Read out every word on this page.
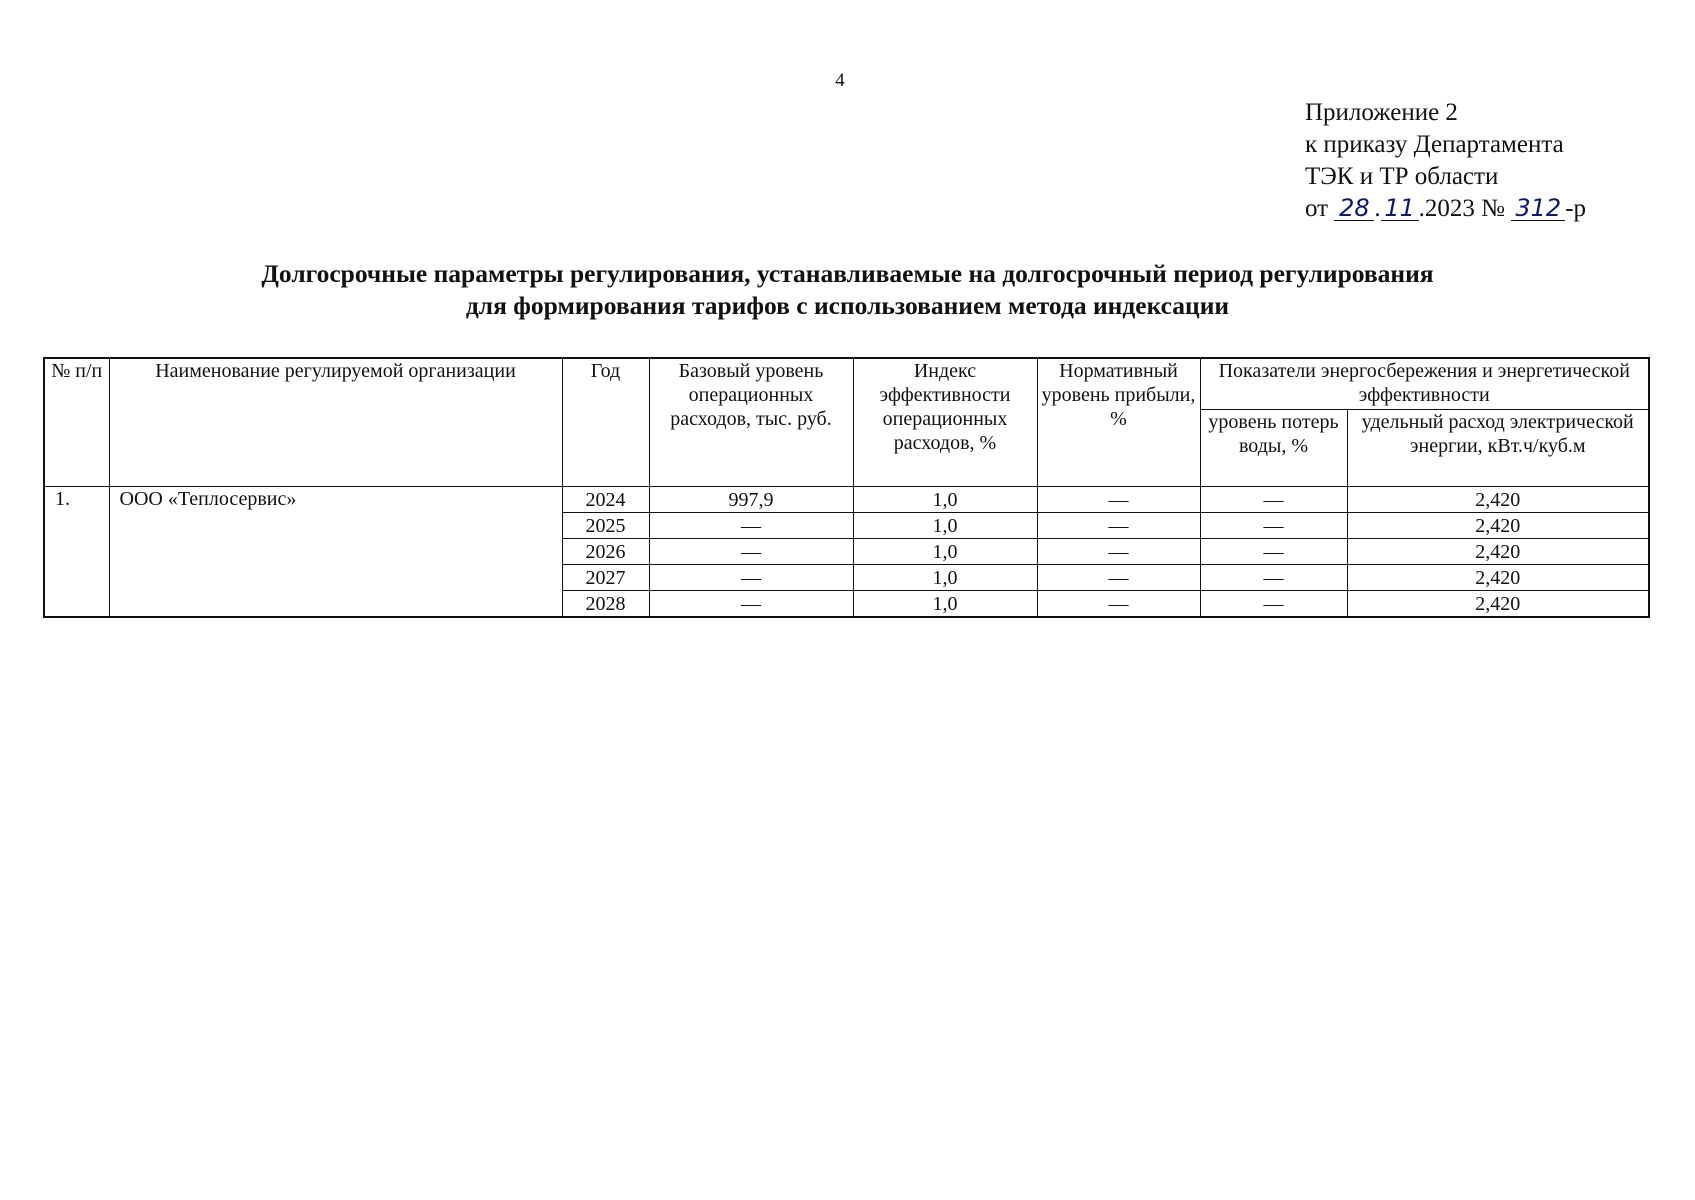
4
Приложение 2
к приказу Департамента
ТЭК и ТР области
от 28 . 11 .2023 № 312 -р
Долгосрочные параметры регулирования, устанавливаемые на долгосрочный период регулирования
для формирования тарифов с использованием метода индексации
№ п/п	Наименование регулируемой организации	Год	Базовый уровень операционных расходов, тыс. руб.	Индекс эффективности операционных расходов, %	Нормативный уровень прибыли, %	Показатели энергосбережения и энергетической эффективности	
						уровень потерь воды, %	удельный расход электрической энергии, кВт.ч/куб.м
1.	ООО «Теплосервис»	2024	997,9	1,0	—	—	2,420
		2025	—	1,0	—	—	2,420
		2026	—	1,0	—	—	2,420
		2027	—	1,0	—	—	2,420
		2028	—	1,0	—	—	2,420
